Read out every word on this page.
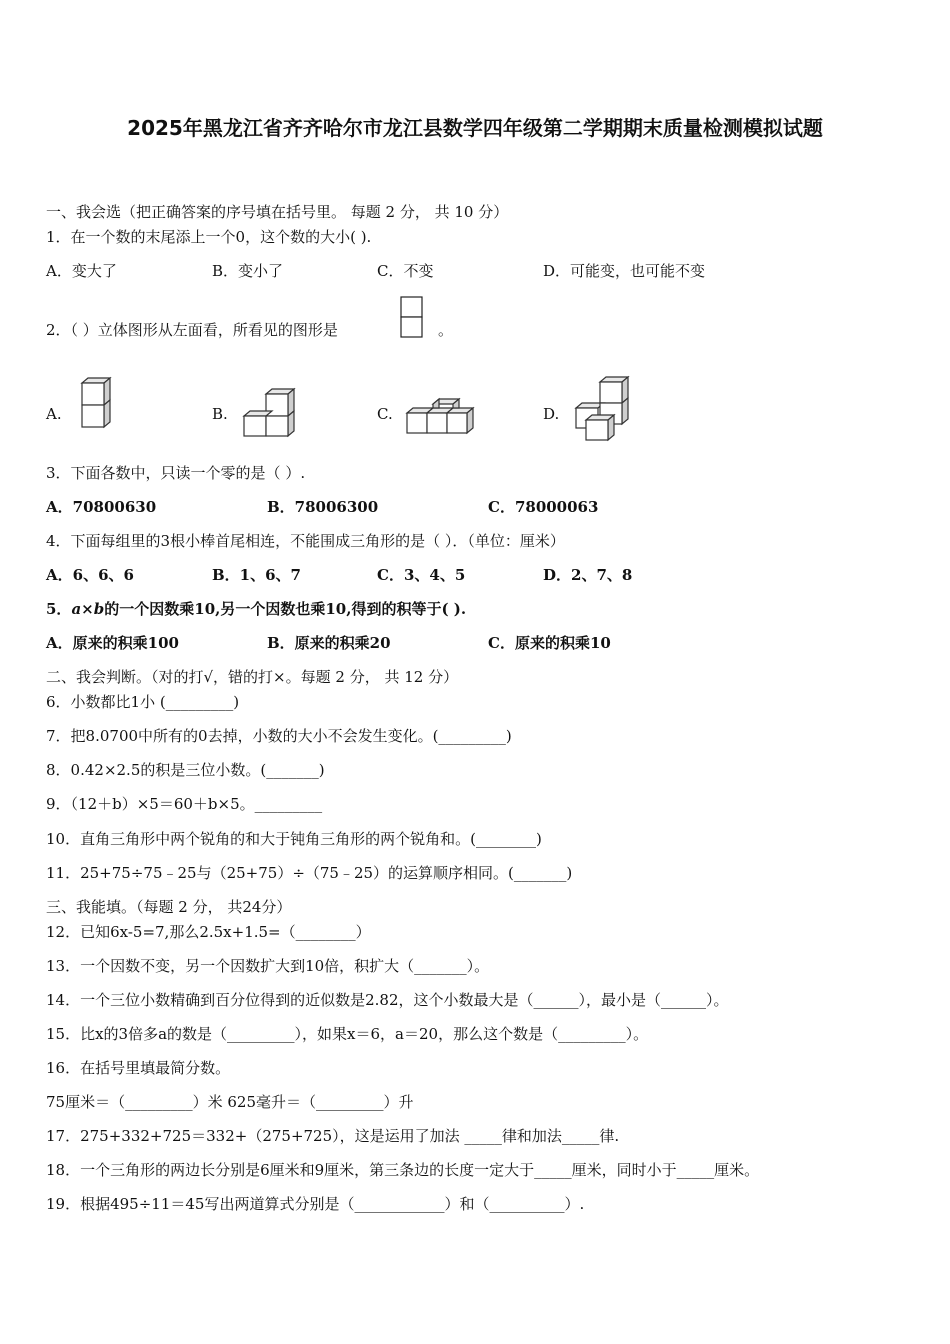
2025年黑龙江省齐齐哈尔市龙江县数学四年级第二学期期末质量检测模拟试题
一、我会选（把正确答案的序号填在括号里。 每题 2 分， 共 10 分）
1．在一个数的末尾添上一个0，这个数的大小( ).
A．变大了	B．变小了	C．不变	D．可能变，也可能不变
2．（ ）立体图形从左面看，所看见的图形是	。
A.	B.	C.	D.
3．下面各数中，只读一个零的是（ ）.
A．70800630	B．78006300	C．78000063
4．下面每组里的3根小棒首尾相连，不能围成三角形的是（ ）．（单位：厘米）
A．6、6、6	B．1、6、7	C．3、4、5	D．2、7、8
5．a×b的一个因数乘10,另一个因数也乘10,得到的积等于( ).
A．原来的积乘100	B．原来的积乘20	C．原来的积乘10
二、我会判断。（对的打√，错的打×。每题 2 分， 共 12 分）
6．小数都比1小 (_________)
7．把8.0700中所有的0去掉，小数的大小不会发生变化。(_________)
8．0.42×2.5的积是三位小数。(_______)
9．（12＋b）×5＝60＋b×5。_________
10．直角三角形中两个锐角的和大于钝角三角形的两个锐角和。(________)
11．25+75÷75﹣25与（25+75）÷（75﹣25）的运算顺序相同。(_______)
三、我能填。（每题 2 分， 共24分）
12．已知6x-5=7,那么2.5x+1.5=（________）
13．一个因数不变，另一个因数扩大到10倍，积扩大（_______）。
14．一个三位小数精确到百分位得到的近似数是2.82，这个小数最大是（______），最小是（______）。
15．比x的3倍多a的数是（_________），如果x＝6，a＝20，那么这个数是（_________）。
16．在括号里填最简分数。
75厘米＝（_________）米 625毫升＝（_________）升
17．275+332+725＝332+（275+725），这是运用了加法 _____律和加法_____律.
18．一个三角形的两边长分别是6厘米和9厘米，第三条边的长度一定大于_____厘米，同时小于_____厘米。
19．根据495÷11＝45写出两道算式分别是（____________）和（__________）.
